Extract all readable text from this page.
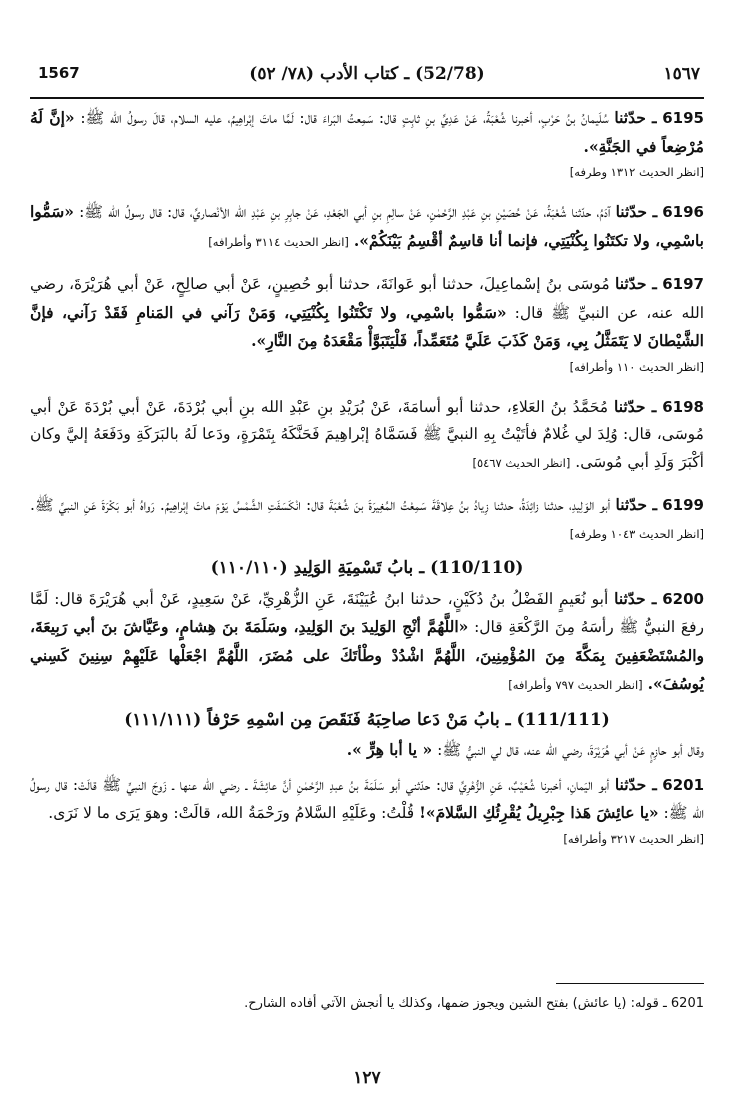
١٥٦٧
(52/78) ـ كتاب الأدب (٧٨/ ٥٢)
1567

6195 ـ حدّثنا سُلَيمانُ بنُ حَرْبٍ، أخبرنا شُعْبَةُ، عَنْ عَدِيِّ بنِ ثابِتٍ قال: سَمِعتُ البَراءَ قال: لَمَّا ماتَ إبْراهِيمُ، عليه السلام، قالَ رسولُ الله ﷺ: «إنَّ لَهُ مُرْضِعاً في الجَنَّةِ».
[انظر الحديث ١٣١٢ وطرفه]

6196 ـ حدّثنا آدَمُ، حدّثنا شُعْبَةُ، عَنْ حُصَيْنِ بنِ عَبْدِ الرَّحْمٰنِ، عَنْ سالِمِ بنِ أبي الجَعْدِ، عَنْ جابِرِ بنِ عَبْدِ الله الأنْصاريِّ، قال: قال رسولُ الله ﷺ: «سَمُّوا باسْمِي، ولا تكتَنُوا بِكُنْيَتِي، فإنما أنا قاسِمٌ أقْسِمُ بَيْنَكُمْ». [انظر الحديث ٣١١٤ وأطرافه]

6197 ـ حدّثنا مُوسَى بنُ إسْماعِيلَ، حدثنا أبو عَوانَةَ، حدثنا أبو حُصِينٍ، عَنْ أبي صالِحٍ، عَنْ أبي هُرَيْرَةَ، رضي الله عنه، عن النبيِّ ﷺ قال: «سَمُّوا باسْمِي، ولا تَكْتَنُوا بِكُنْيَتِي، وَمَنْ رَآني في المَنامِ فَقَدْ رَآني، فإنَّ الشَّيْطانَ لا يَتَمَثَّلُ بِي، وَمَنْ كَذَبَ عَلَيَّ مُتَعَمِّداً، فَلْيَتَبَوَّأْ مَقْعَدَهُ مِنَ النَّارِ».
[انظر الحديث ١١٠ وأطرافه]

6198 ـ حدّثنا مُحَمَّدُ بنُ العَلاءِ، حدثنا أبو أسامَةَ، عَنْ بُرَيْدِ بنِ عَبْدِ الله بنِ أبي بُرْدَةَ، عَنْ أبي بُرْدَةَ عَنْ أبي مُوسَى، قال: وُلِدَ لي غُلامٌ فأتَيْتُ بِهِ النبيَّ ﷺ فَسَمَّاهُ إبْراهِيمَ فَحَنَّكَهُ بِتَمْرَةٍ، ودَعا لَهُ بالبَرَكَةِ ودَفَعَهُ إليَّ وكان أكْبَرَ وَلَدِ أبي مُوسَى. [انظر الحديث ٥٤٦٧]

6199 ـ حدّثنا أبو الوَلِيدِ، حدثنا زائِدَةُ، حدثنا زِيادُ بنُ عِلاقَةَ سَمِعْتُ المُغِيرَةَ بنَ شُعْبَةَ قال: انْكَسَفَتِ الشَّمْسُ يَوْمَ ماتَ إبْراهِيمُ. رَواهُ أبو بَكْرَةَ عَنِ النبيِّ ﷺ. [انظر الحديث ١٠٤٣ وطرفه]

(110/110) ـ بابُ تَسْمِيَةِ الوَلِيدِ (١١٠/١١٠)

6200 ـ حدّثنا أبو نُعَيمٍ الفَضْلُ بنُ دُكَيْنٍ، حدثنا ابنُ عُيَيْنَةَ، عَنِ الزُّهْرِيِّ، عَنْ سَعِيدٍ، عَنْ أبي هُرَيْرَةَ قال: لَمَّا رفعَ النبيُّ ﷺ رأسَهُ مِنَ الرَّكْعَةِ قال: «اللَّهُمَّ أنْجِ الوَلِيدَ بنَ الوَلِيدِ، وسَلَمَةَ بنَ هِشامٍ، وعَيَّاشَ بنَ أبي رَبِيعَةَ، والمُسْتَضْعَفِينَ بِمَكَّةَ مِنَ المُؤْمِنِينَ، اللَّهُمَّ اشْدُدْ وطْأتَكَ على مُضَرَ، اللَّهُمَّ اجْعَلْها عَلَيْهِمْ سِنِينَ كَسِني يُوسُفَ». [انظر الحديث ٧٩٧ وأطرافه]

(111/111) ـ بابُ مَنْ دَعا صاحِبَهُ فَنَقَصَ مِن اسْمِهِ حَرْفاً (١١١/١١١)

وقال أبو حازِمٍ عَنْ أبي هُرَيْرَةَ، رضي الله عنه، قال لي النبيُّ ﷺ: « يا أبا هِرٍّ ».

6201 ـ حدّثنا أبو اليَمانِ، أخبرنا شُعَيْبٌ، عَنِ الزُّهْرِيِّ قال: حدّثني أبو سَلَمَةَ بنُ عبدِ الرَّحْمٰنِ أنَّ عائِشَةَ ـ رضي الله عنها ـ زَوجَ النبيِّ ﷺ قالَتْ: قال رسولُ الله ﷺ: «يا عائِشَ هَذا جِبْرِيلُ يُقْرِئُكِ السَّلامَ»! قُلْتُ: وعَلَيْهِ السَّلامُ ورَحْمَةُ الله، قالَتْ: وهوَ يَرَى ما لا نَرَى.
[انظر الحديث ٣٢١٧ وأطرافه]

6201 ـ قوله: (يا عائش) بفتح الشين ويجوز ضمها، وكذلك يا أنجش الآتي أفاده الشارح.
١٢٧
